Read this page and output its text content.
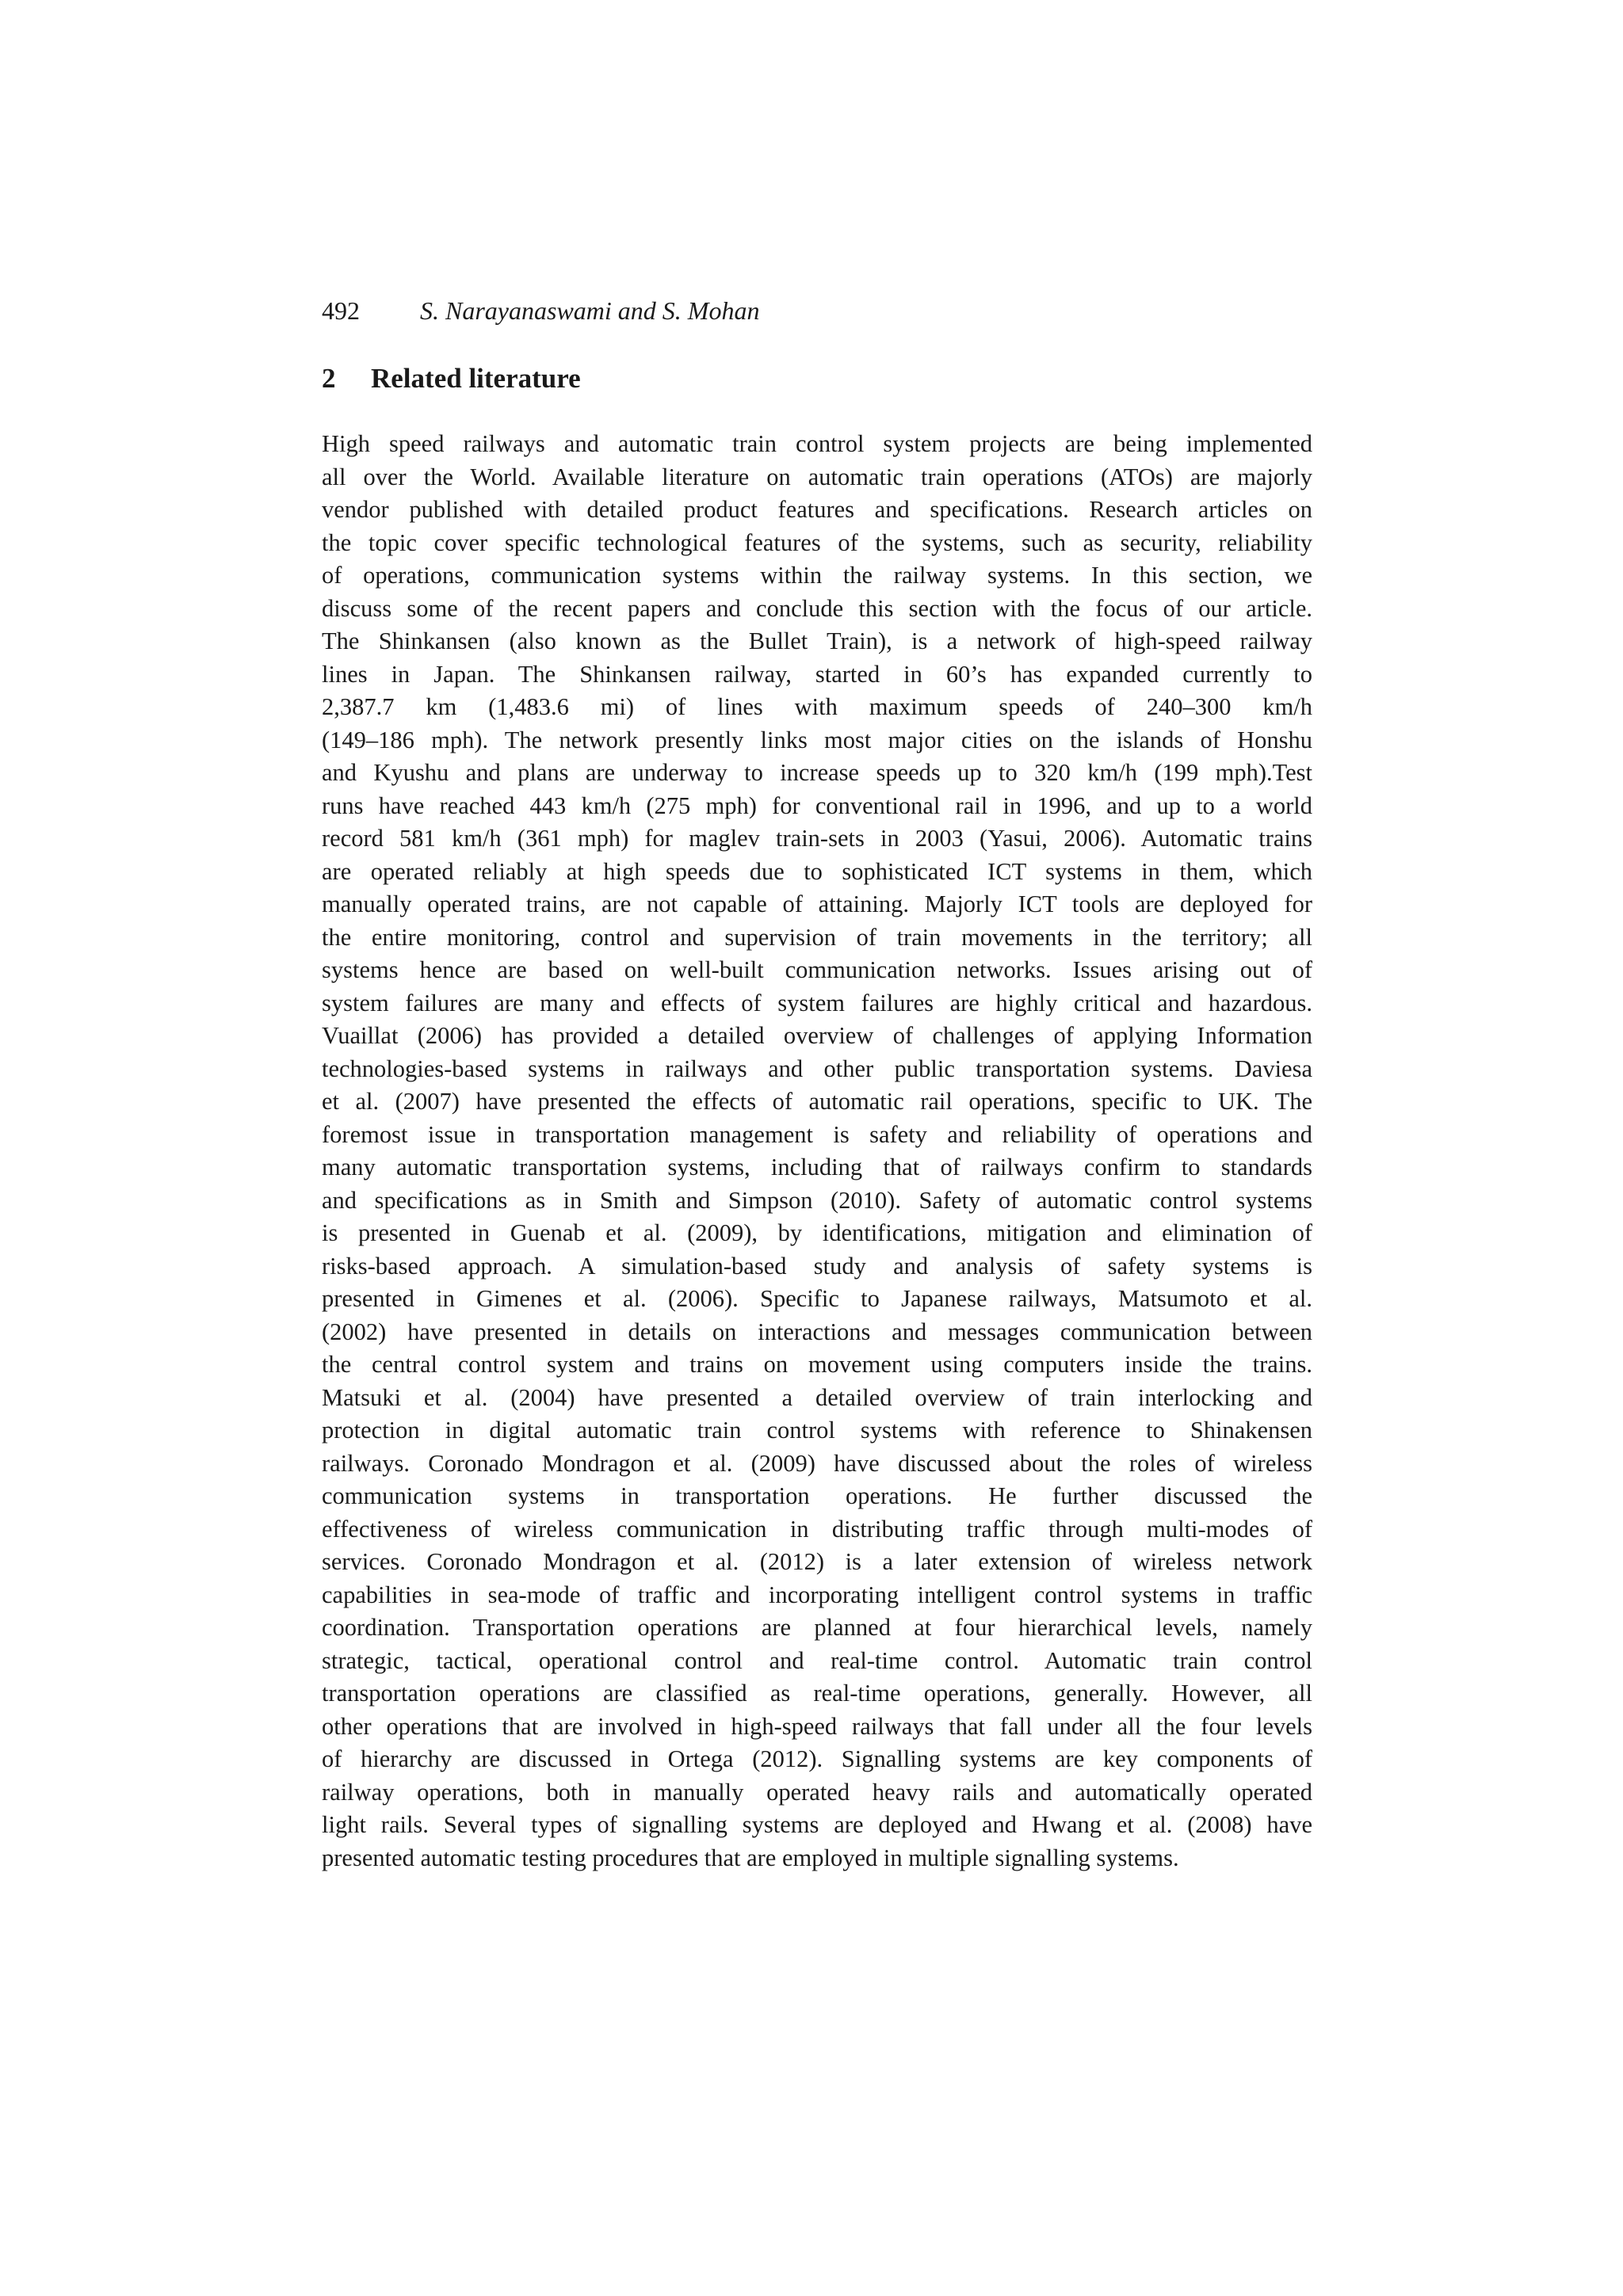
492 S. Narayanaswami and S. Mohan
2 Related literature
High speed railways and automatic train control system projects are being implemented
all over the World. Available literature on automatic train operations (ATOs) are majorly
vendor published with detailed product features and specifications. Research articles on
the topic cover specific technological features of the systems, such as security, reliability
of operations, communication systems within the railway systems. In this section, we
discuss some of the recent papers and conclude this section with the focus of our article.
The Shinkansen (also known as the Bullet Train), is a network of high-speed railway
lines in Japan. The Shinkansen railway, started in 60’s has expanded currently to
2,387.7 km (1,483.6 mi) of lines with maximum speeds of 240–300 km/h
(149–186 mph). The network presently links most major cities on the islands of Honshu
and Kyushu and plans are underway to increase speeds up to 320 km/h (199 mph).Test
runs have reached 443 km/h (275 mph) for conventional rail in 1996, and up to a world
record 581 km/h (361 mph) for maglev train-sets in 2003 (Yasui, 2006). Automatic trains
are operated reliably at high speeds due to sophisticated ICT systems in them, which
manually operated trains, are not capable of attaining. Majorly ICT tools are deployed for
the entire monitoring, control and supervision of train movements in the territory; all
systems hence are based on well-built communication networks. Issues arising out of
system failures are many and effects of system failures are highly critical and hazardous.
Vuaillat (2006) has provided a detailed overview of challenges of applying Information
technologies-based systems in railways and other public transportation systems. Daviesa
et al. (2007) have presented the effects of automatic rail operations, specific to UK. The
foremost issue in transportation management is safety and reliability of operations and
many automatic transportation systems, including that of railways confirm to standards
and specifications as in Smith and Simpson (2010). Safety of automatic control systems
is presented in Guenab et al. (2009), by identifications, mitigation and elimination of
risks-based approach. A simulation-based study and analysis of safety systems is
presented in Gimenes et al. (2006). Specific to Japanese railways, Matsumoto et al.
(2002) have presented in details on interactions and messages communication between
the central control system and trains on movement using computers inside the trains.
Matsuki et al. (2004) have presented a detailed overview of train interlocking and
protection in digital automatic train control systems with reference to Shinakensen
railways. Coronado Mondragon et al. (2009) have discussed about the roles of wireless
communication systems in transportation operations. He further discussed the
effectiveness of wireless communication in distributing traffic through multi-modes of
services. Coronado Mondragon et al. (2012) is a later extension of wireless network
capabilities in sea-mode of traffic and incorporating intelligent control systems in traffic
coordination. Transportation operations are planned at four hierarchical levels, namely
strategic, tactical, operational control and real-time control. Automatic train control
transportation operations are classified as real-time operations, generally. However, all
other operations that are involved in high-speed railways that fall under all the four levels
of hierarchy are discussed in Ortega (2012). Signalling systems are key components of
railway operations, both in manually operated heavy rails and automatically operated
light rails. Several types of signalling systems are deployed and Hwang et al. (2008) have
presented automatic testing procedures that are employed in multiple signalling systems.
